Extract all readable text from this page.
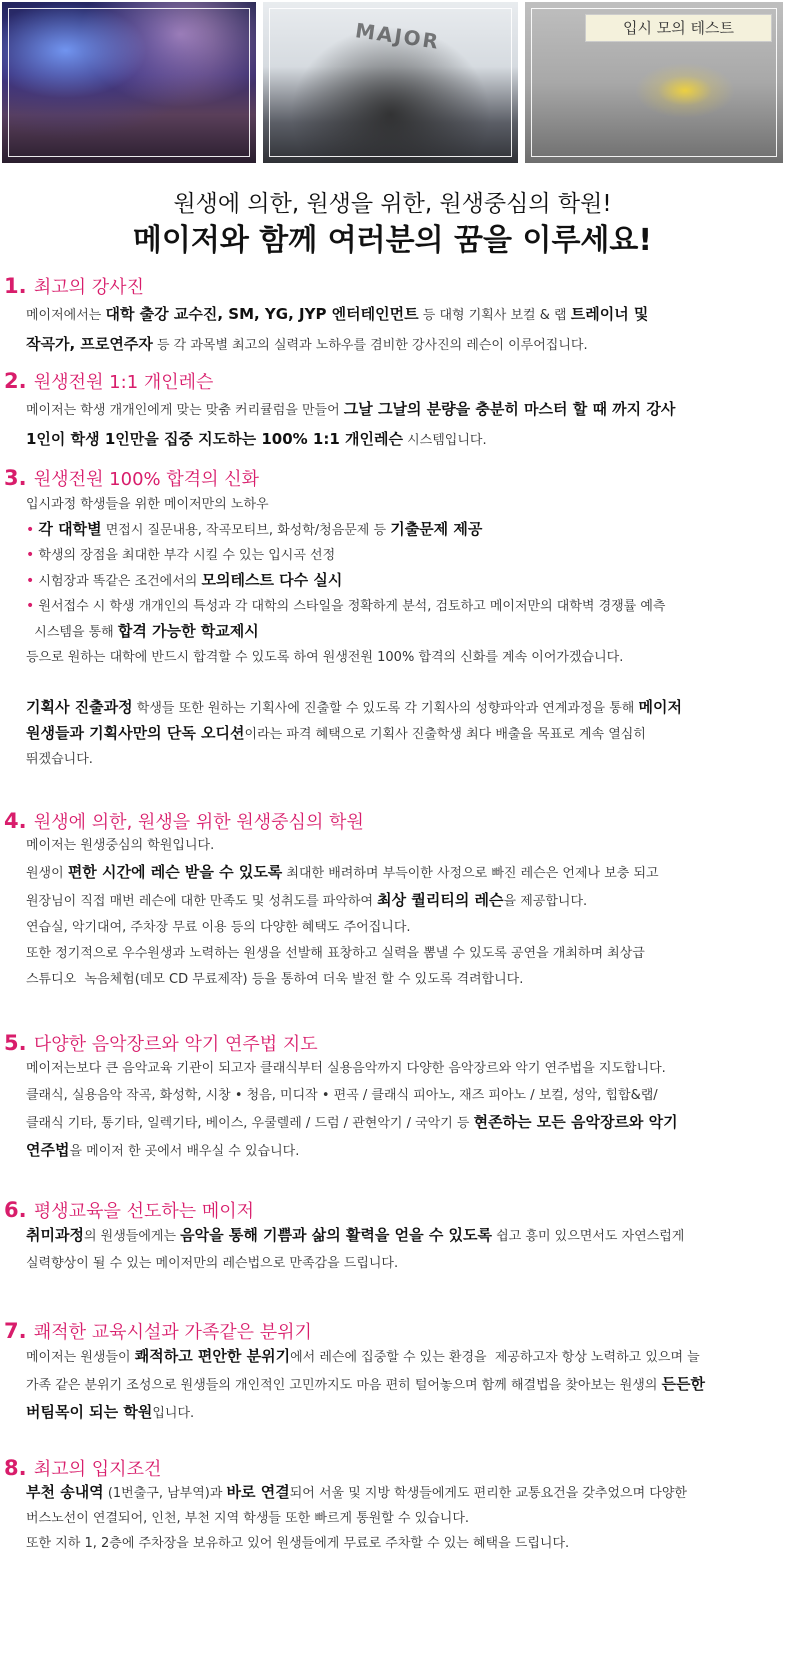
MAJOR	입시 모의 테스트
원생에 의한, 원생을 위한, 원생중심의 학원!
메이저와 함께 여러분의 꿈을 이루세요!
1. 최고의 강사진
메이저에서는 대학 출강 교수진, SM, YG, JYP 엔터테인먼트 등 대형 기획사 보컬 & 랩 트레이너 및
작곡가, 프로연주자 등 각 과목별 최고의 실력과 노하우를 겸비한 강사진의 레슨이 이루어집니다.
2. 원생전원 1:1 개인레슨
메이저는 학생 개개인에게 맞는 맞춤 커리큘럼을 만들어 그날 그날의 분량을 충분히 마스터 할 때 까지 강사
1인이 학생 1인만을 집중 지도하는 100% 1:1 개인레슨 시스템입니다.
3. 원생전원 100% 합격의 신화
입시과정 학생들을 위한 메이저만의 노하우
• 각 대학별 면접시 질문내용, 작곡모티브, 화성학/청음문제 등 기출문제 제공
• 학생의 장점을 최대한 부각 시킬 수 있는 입시곡 선정
• 시험장과 똑같은 조건에서의 모의테스트 다수 실시
• 원서접수 시 학생 개개인의 특성과 각 대학의 스타일을 정확하게 분석, 검토하고 메이저만의 대학벽 경쟁률 예측
시스템을 통해 합격 가능한 학교제시
등으로 원하는 대학에 반드시 합격할 수 있도록 하여 원생전원 100% 합격의 신화를 계속 이어가겠습니다.

기획사 진출과정 학생들 또한 원하는 기획사에 진출할 수 있도록 각 기획사의 성향파악과 연계과정을 통해 메이저
원생들과 기획사만의 단독 오디션이라는 파격 혜택으로 기획사 진출학생 최다 배출을 목표로 계속 열심히
뛰겠습니다.
4. 원생에 의한, 원생을 위한 원생중심의 학원
메이저는 원생중심의 학원입니다.
원생이 편한 시간에 레슨 받을 수 있도록 최대한 배려하며 부득이한 사정으로 빠진 레슨은 언제나 보충 되고
원장님이 직접 매번 레슨에 대한 만족도 및 성취도를 파악하여 최상 퀄리티의 레슨을 제공합니다.
연습실, 악기대여, 주차장 무료 이용 등의 다양한 혜택도 주어집니다.
또한 정기적으로 우수원생과 노력하는 원생을 선발해 표창하고 실력을 뽐낼 수 있도록 공연을 개최하며 최상급
스튜디오  녹음체험(데모 CD 무료제작) 등을 통하여 더욱 발전 할 수 있도록 격려합니다.
5. 다양한 음악장르와 악기 연주법 지도
메이저는보다 큰 음악교육 기관이 되고자 클래식부터 실용음악까지 다양한 음악장르와 악기 연주법을 지도합니다.
클래식, 실용음악 작곡, 화성학, 시창 • 청음, 미디작 • 편곡 / 클래식 피아노, 재즈 피아노 / 보컬, 성악, 힙합&랩/
클래식 기타, 통기타, 일렉기타, 베이스, 우쿨렐레 / 드럼 / 관현악기 / 국악기 등 현존하는 모든 음악장르와 악기
연주법을 메이저 한 곳에서 배우실 수 있습니다.
6. 평생교육을 선도하는 메이저
취미과정의 원생들에게는 음악을 통해 기쁨과 삶의 활력을 얻을 수 있도록 쉽고 흥미 있으면서도 자연스럽게
실력향상이 될 수 있는 메이저만의 레슨법으로 만족감을 드립니다.
7. 쾌적한 교육시설과 가족같은 분위기
메이저는 원생들이 쾌적하고 편안한 분위기에서 레슨에 집중할 수 있는 환경을  제공하고자 항상 노력하고 있으며 늘
가족 같은 분위기 조성으로 원생들의 개인적인 고민까지도 마음 편히 털어놓으며 함께 해결법을 찾아보는 원생의 든든한
버팀목이 되는 학원입니다.
8. 최고의 입지조건
부천 송내역 (1번출구, 남부역)과 바로 연결되어 서울 및 지방 학생들에게도 편리한 교통요건을 갖추었으며 다양한
버스노선이 연결되어, 인천, 부천 지역 학생들 또한 빠르게 통원할 수 있습니다.
또한 지하 1, 2층에 주차장을 보유하고 있어 원생들에게 무료로 주차할 수 있는 혜택을 드립니다.
